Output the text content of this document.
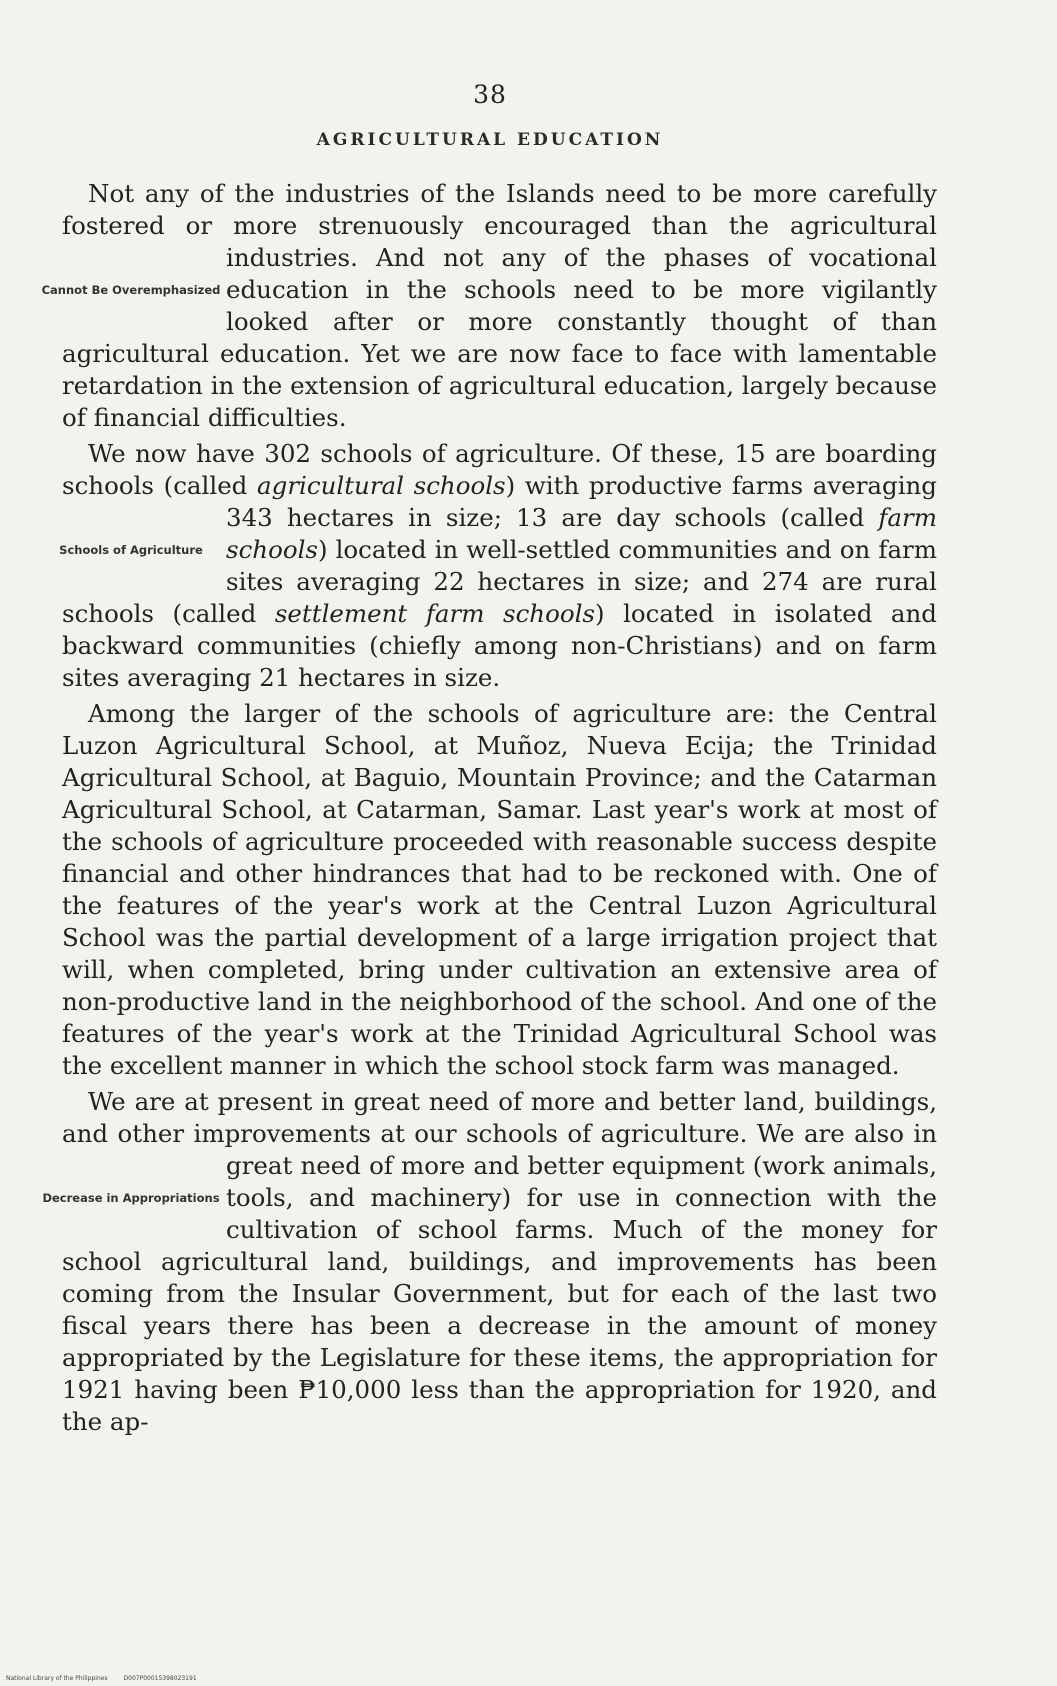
38
AGRICULTURAL EDUCATION

Not any of the industries of the Islands need to be more carefully fostered or more strenuously encouraged than the agricultural industries. And not any of the phases of vocational
Cannot Be Overemphasized education in the schools need to be more vigilantly looked after or more constantly thought of than agricultural education. Yet we are now face to face with lamentable retardation in the extension of agricultural education, largely because of financial difficulties.

We now have 302 schools of agriculture. Of these, 15 are boarding schools (called agricultural schools) with productive farms averaging 343 hectares in size; 13 are day schools (called
Schools of Agriculture
farm schools) located in well-settled communities and on farm sites averaging 22 hectares in size; and 274 are rural schools (called settlement farm schools) located in isolated and backward communities (chiefly among non-Christians) and on farm sites averaging 21 hectares in size.

Among the larger of the schools of agriculture are: the Central Luzon Agricultural School, at Muñoz, Nueva Ecija; the Trinidad Agricultural School, at Baguio, Mountain Province; and the Catarman Agricultural School, at Catarman, Samar. Last year's work at most of the schools of agriculture proceeded with reasonable success despite financial and other hindrances that had to be reckoned with. One of the features of the year's work at the Central Luzon Agricultural School was the partial development of a large irrigation project that will, when completed, bring under cultivation an extensive area of non-productive land in the neighborhood of the school. And one of the features of the year's work at the Trinidad Agricultural School was the excellent manner in which the school stock farm was managed.

We are at present in great need of more and better land, buildings, and other improvements at our schools of agriculture. We are also in great need of more and better equipment (work
Decrease in Appropriations
animals, tools, and machinery) for use in connection with the cultivation of school farms. Much of the money for school agricultural land, buildings, and improvements has been coming from the Insular Government, but for each of the last two fiscal years there has been a decrease in the amount of money appropriated by the Legislature for these items, the appropriation for 1921 having been ₱10,000 less than the appropriation for 1920, and the ap-

National Library of the Philippines	D007P00015398023191
